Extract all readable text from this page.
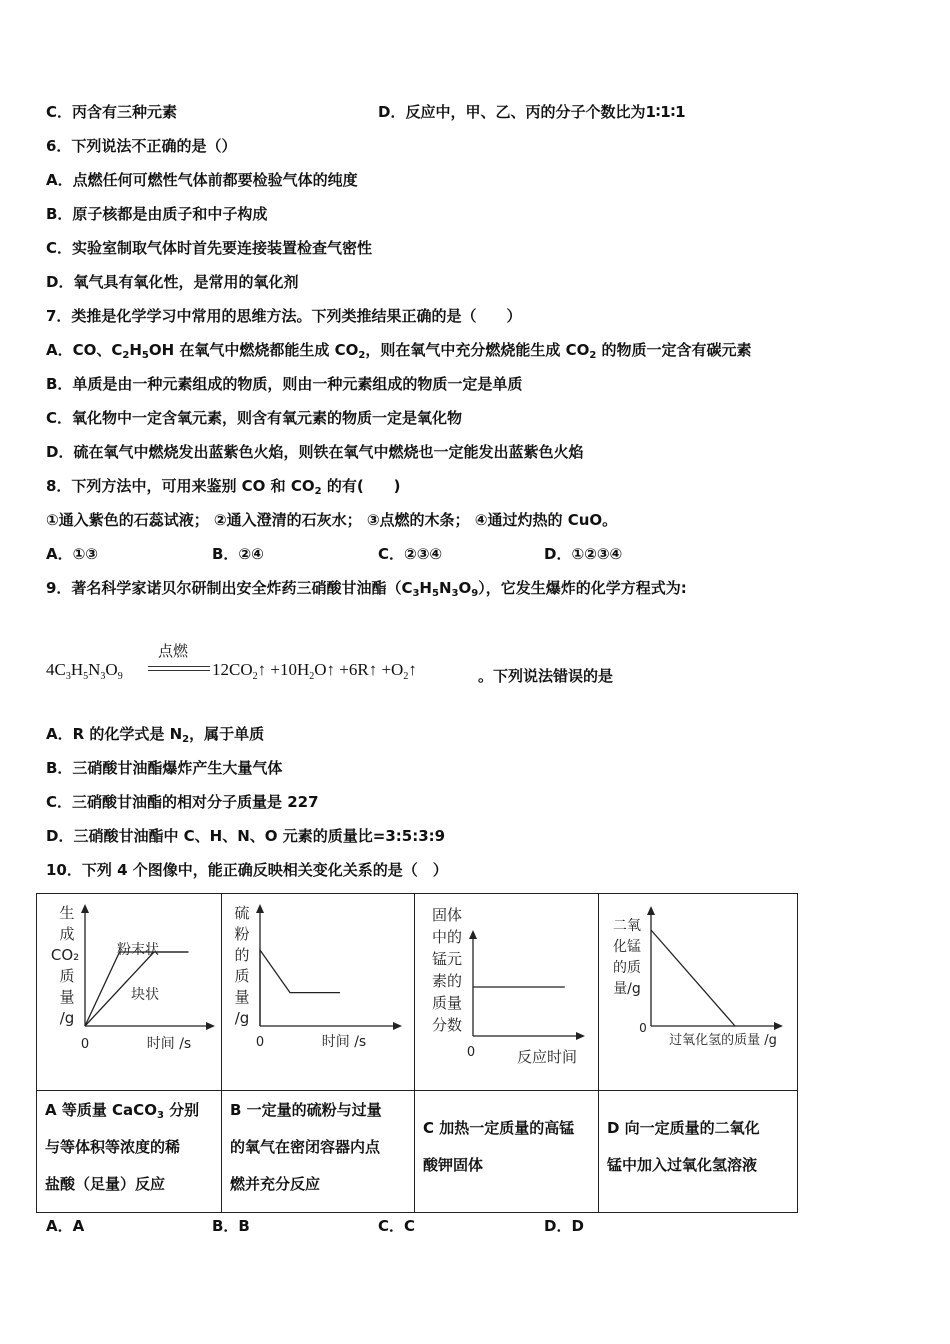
C．丙含有三种元素	D．反应中，甲、乙、丙的分子个数比为1∶1∶1
6．下列说法不正确的是（）
A．点燃任何可燃性气体前都要检验气体的纯度
B．原子核都是由质子和中子构成
C．实验室制取气体时首先要连接装置检查气密性
D．氧气具有氧化性，是常用的氧化剂
7．类推是化学学习中常用的思维方法。下列类推结果正确的是（　　）
A．CO、$C_2H_5OH$ 在氧气中燃烧都能生成 $CO_2$，则在氧气中充分燃烧能生成 $CO_2$ 的物质一定含有碳元素
B．单质是由一种元素组成的物质，则由一种元素组成的物质一定是单质
C．氧化物中一定含氧元素，则含有氧元素的物质一定是氧化物
D．硫在氧气中燃烧发出蓝紫色火焰，则铁在氧气中燃烧也一定能发出蓝紫色火焰
8．下列方法中，可用来鉴别 CO 和 $CO_2$ 的有(　　)
①通入紫色的石蕊试液； ②通入澄清的石灰水； ③点燃的木条； ④通过灼热的 CuO。
A．①③	B．②④	C．②③④	D．①②③④
9．著名科学家诺贝尔研制出安全炸药三硝酸甘油酯$(C_3H_5N_3O_9)$，它发生爆炸的化学方程式为:
$4C_3H_5N_3O_9$
点燃
$12CO_2↑$ $+10H_2O↑$ +6R↑ $+O_2↑$	。下列说法错误的是
A．R 的化学式是 $N_2$，属于单质
B．三硝酸甘油酯爆炸产生大量气体
C．三硝酸甘油酯的相对分子质量是 227
D．三硝酸甘油酯中 C、H、N、O 元素的质量比=3:5:3:9
10．下列 4 个图像中，能正确反映相关变化关系的是（　）
生
成
CO₂
质
量
/g
0	时间 /s
粉末状
块状
硫
粉
的
质
量
/g
0	时间 /s
固体
中的
锰元
素的
质量
分数
0	反应时间
二氧
化锰
的质
量/g
0
过氧化氢的质量 /g
A 等质量 CaCO$_3$ 分别
与等体积等浓度的稀
盐酸（足量）反应
B 一定量的硫粉与过量
的氧气在密闭容器内点
燃并充分反应
C 加热一定质量的高锰
酸钾固体
D 向一定质量的二氧化
锰中加入过氧化氢溶液
A．A	B．B	C．C	D．D
